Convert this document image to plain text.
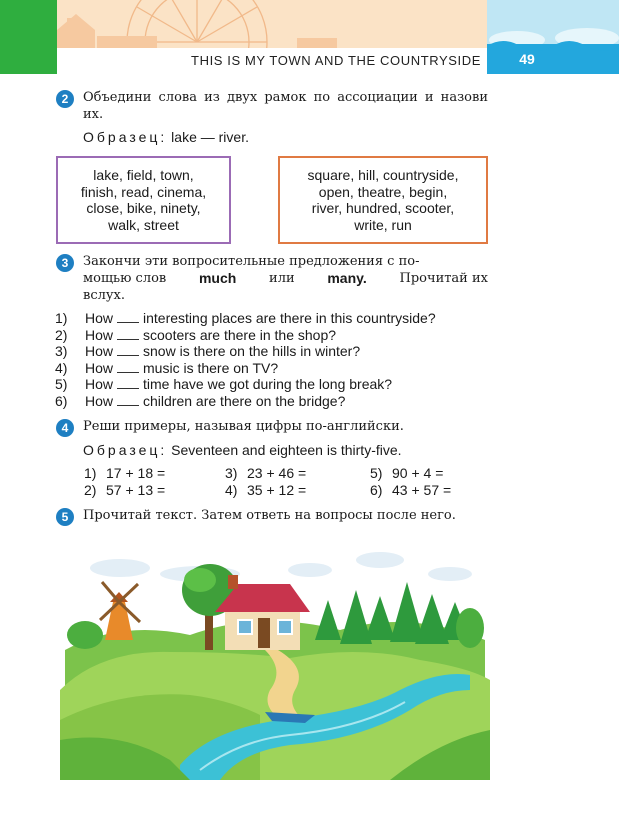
THIS IS MY TOWN AND THE COUNTRYSIDE	49
2	Объедини слова из двух рамок по ассоциации и назови их.
Образец: lake — river.
lake, field, town,
finish, read, cinema,
close, bike, ninety,
walk, street
square, hill, countryside,
open, theatre, begin,
river, hundred, scooter,
write, run
3	Закончи эти вопросительные предложения с по-
мощью слов much	или many.	Прочитай их
вслух.
1) How interesting places are there in this countryside?
2) How scooters are there in the shop?
3) How snow is there on the hills in winter?
4) How music is there on TV?
5) How time have we got during the long break?
6) How children are there on the bridge?
4	Реши примеры, называя цифры по-английски.
Образец: Seventeen and eighteen is thirty-five.
1) 17 + 18 =	3) 23 + 46 =	5) 90 + 4 =
2) 57 + 13 =	4) 35 + 12 =	6) 43 + 57 =
5	Прочитай текст. Затем ответь на вопросы после него.
